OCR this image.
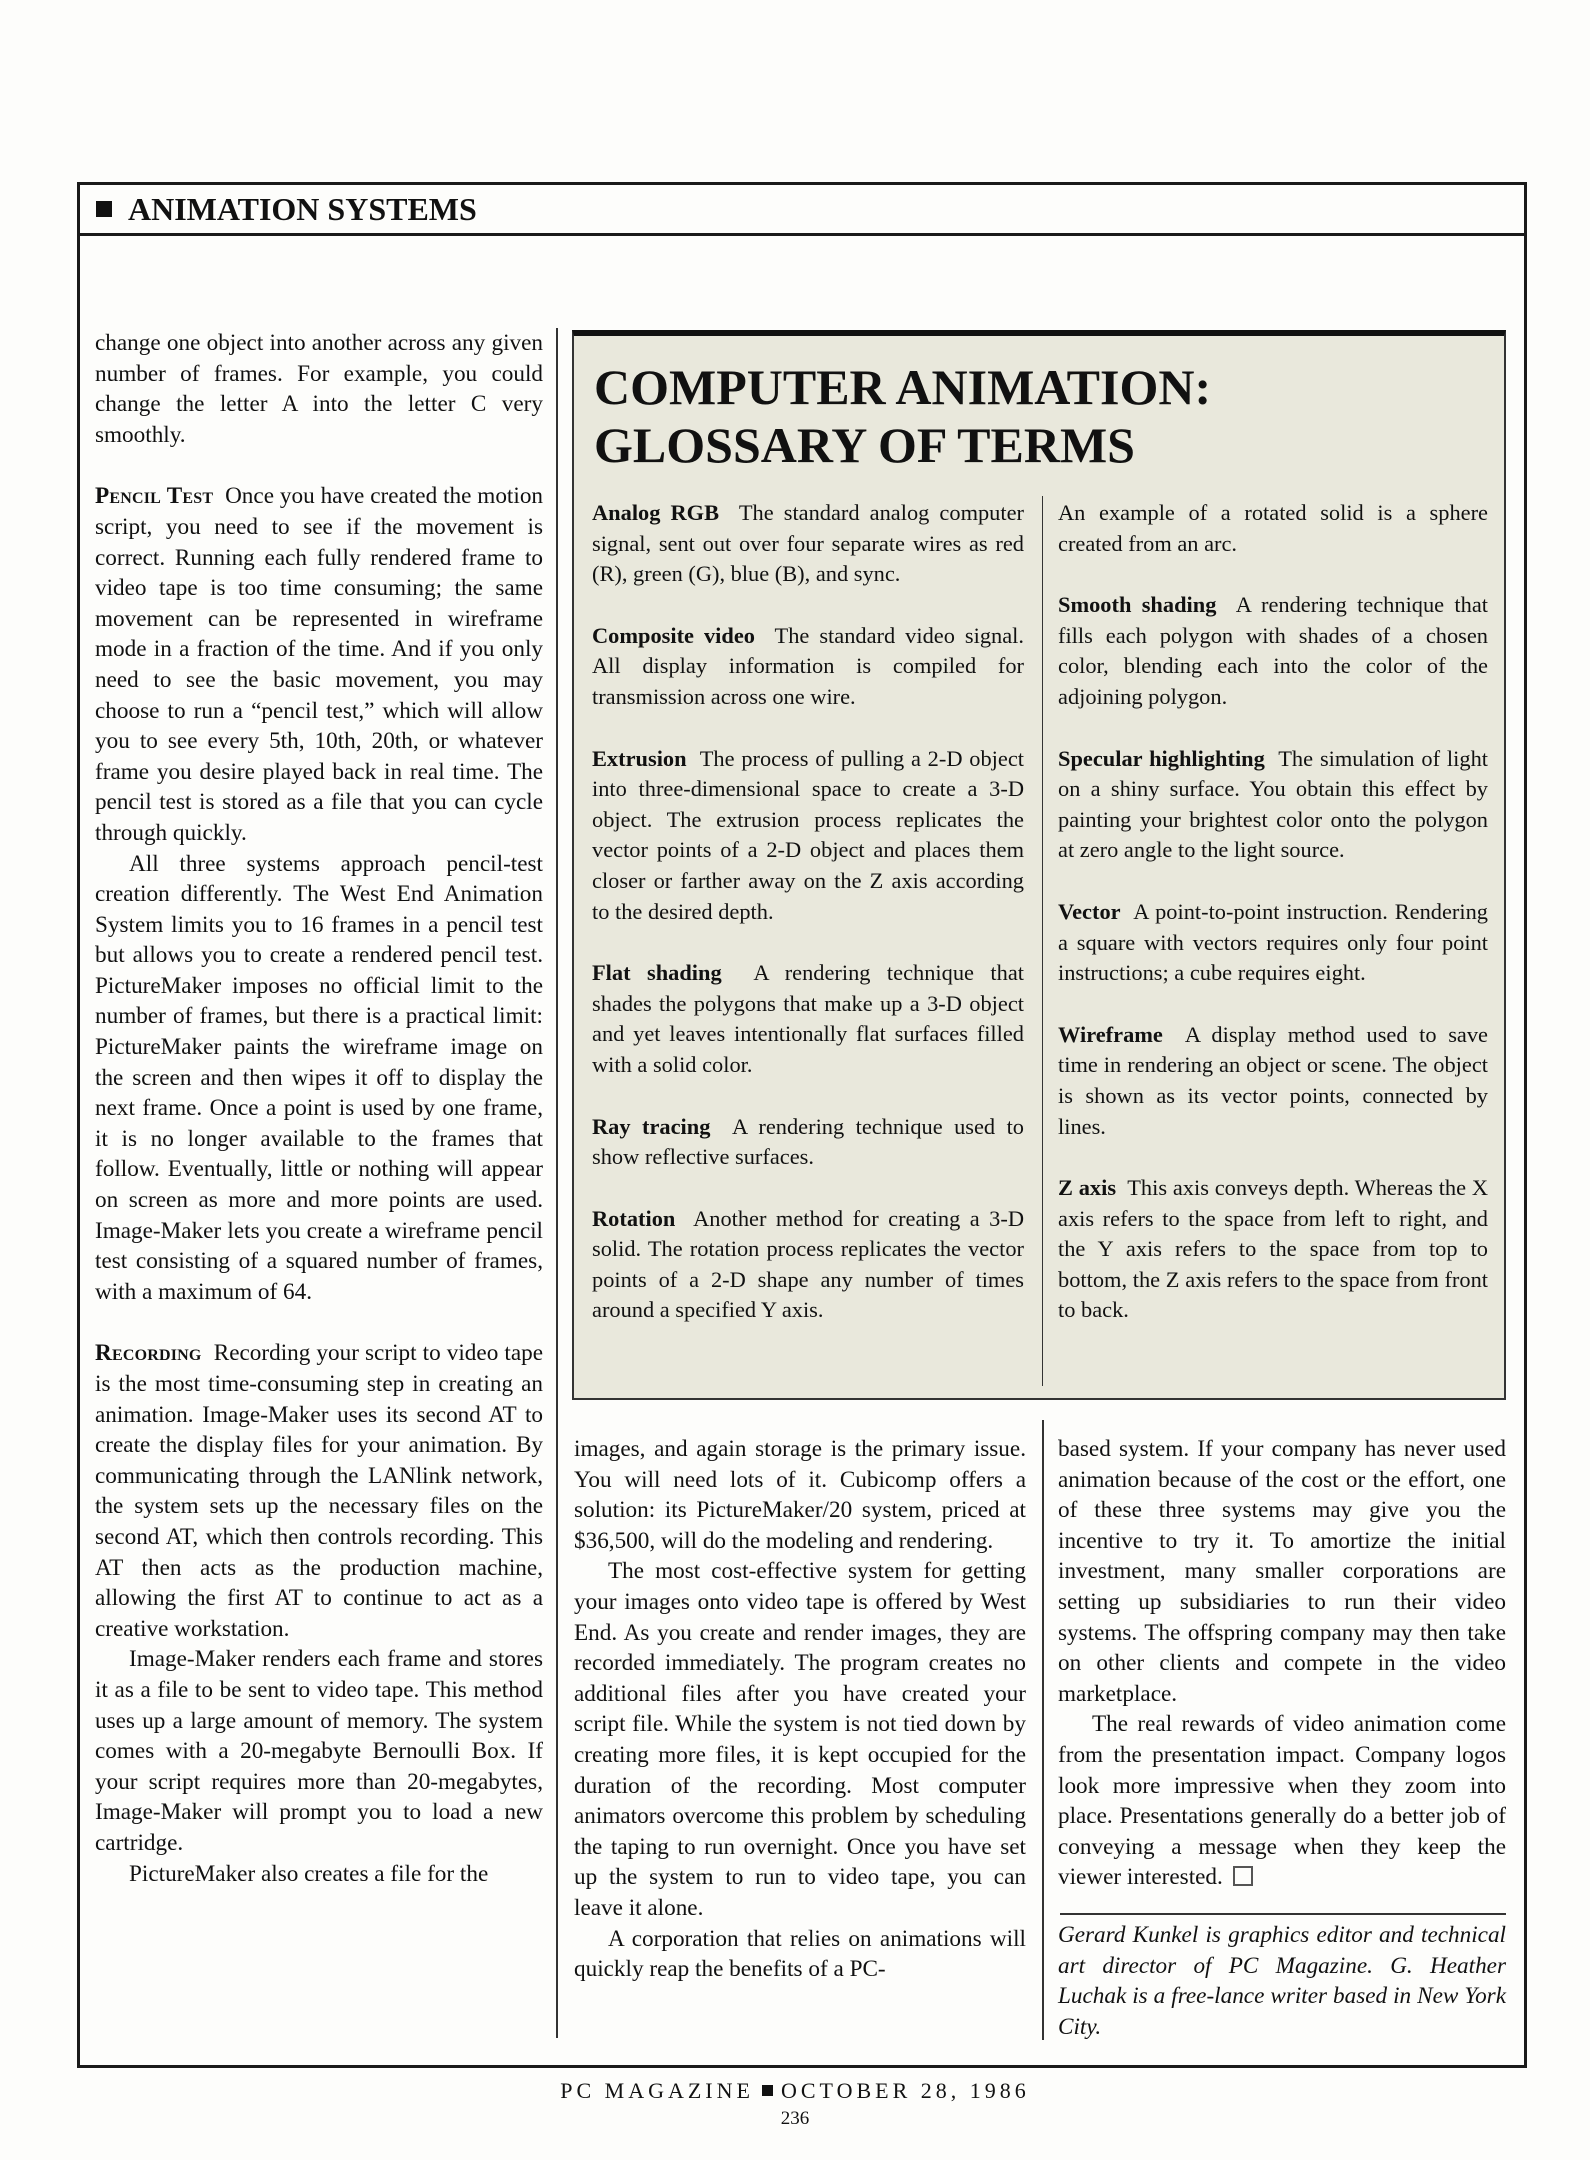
ANIMATION SYSTEMS

change one object into another across any given number of frames. For example, you could change the letter A into the letter C very smoothly.

Pencil Test Once you have created the motion script, you need to see if the movement is correct. Running each fully rendered frame to video tape is too time consuming; the same movement can be represented in wireframe mode in a fraction of the time. And if you only need to see the basic movement, you may choose to run a “pencil test,” which will allow you to see every 5th, 10th, 20th, or whatever frame you desire played back in real time. The pencil test is stored as a file that you can cycle through quickly.

All three systems approach pencil-test creation differently. The West End Animation System limits you to 16 frames in a pencil test but allows you to create a rendered pencil test. PictureMaker imposes no official limit to the number of frames, but there is a practical limit: PictureMaker paints the wireframe image on the screen and then wipes it off to display the next frame. Once a point is used by one frame, it is no longer available to the frames that follow. Eventually, little or nothing will appear on screen as more and more points are used. Image-Maker lets you create a wireframe pencil test consisting of a squared number of frames, with a maximum of 64.

Recording Recording your script to video tape is the most time-consuming step in creating an animation. Image-Maker uses its second AT to create the display files for your animation. By communicating through the LANlink network, the system sets up the necessary files on the second AT, which then controls recording. This AT then acts as the production machine, allowing the first AT to continue to act as a creative workstation.

Image-Maker renders each frame and stores it as a file to be sent to video tape. This method uses up a large amount of memory. The system comes with a 20-megabyte Bernoulli Box. If your script requires more than 20-megabytes, Image-Maker will prompt you to load a new cartridge.

PictureMaker also creates a file for the

COMPUTER ANIMATION:
GLOSSARY OF TERMS

Analog RGB The standard analog computer signal, sent out over four separate wires as red (R), green (G), blue (B), and sync.

Composite video The standard video signal. All display information is compiled for transmission across one wire.

Extrusion The process of pulling a 2-D object into three-dimensional space to create a 3-D object. The extrusion process replicates the vector points of a 2-D object and places them closer or farther away on the Z axis according to the desired depth.

Flat shading A rendering technique that shades the polygons that make up a 3-D object and yet leaves intentionally flat surfaces filled with a solid color.

Ray tracing A rendering technique used to show reflective surfaces.

Rotation Another method for creating a 3-D solid. The rotation process replicates the vector points of a 2-D shape any number of times around a specified Y axis.

An example of a rotated solid is a sphere created from an arc.

Smooth shading A rendering technique that fills each polygon with shades of a chosen color, blending each into the color of the adjoining polygon.

Specular highlighting The simulation of light on a shiny surface. You obtain this effect by painting your brightest color onto the polygon at zero angle to the light source.

Vector A point-to-point instruction. Rendering a square with vectors requires only four point instructions; a cube requires eight.

Wireframe A display method used to save time in rendering an object or scene. The object is shown as its vector points, connected by lines.

Z axis This axis conveys depth. Whereas the X axis refers to the space from left to right, and the Y axis refers to the space from top to bottom, the Z axis refers to the space from front to back.

images, and again storage is the primary issue. You will need lots of it. Cubicomp offers a solution: its PictureMaker/20 system, priced at $36,500, will do the modeling and rendering.

The most cost-effective system for getting your images onto video tape is offered by West End. As you create and render images, they are recorded immediately. The program creates no additional files after you have created your script file. While the system is not tied down by creating more files, it is kept occupied for the duration of the recording. Most computer animators overcome this problem by scheduling the taping to run overnight. Once you have set up the system to run to video tape, you can leave it alone.

A corporation that relies on animations will quickly reap the benefits of a PC-

based system. If your company has never used animation because of the cost or the effort, one of these three systems may give you the incentive to try it. To amortize the initial investment, many smaller corporations are setting up subsidiaries to run their video systems. The offspring company may then take on other clients and compete in the video marketplace.

The real rewards of video animation come from the presentation impact. Company logos look more impressive when they zoom into place. Presentations generally do a better job of conveying a message when they keep the viewer interested.

Gerard Kunkel is graphics editor and technical art director of PC Magazine. G. Heather Luchak is a free-lance writer based in New York City.

PC MAGAZINE OCTOBER 28, 1986
236
